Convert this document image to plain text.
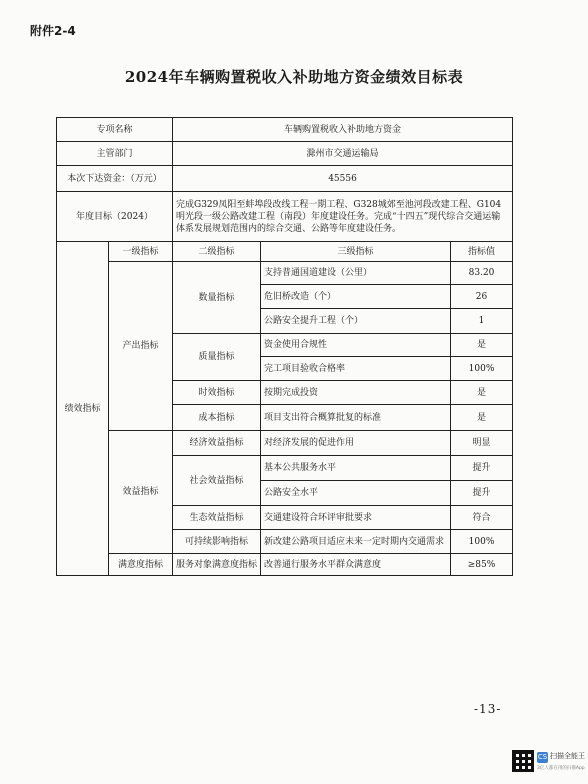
附件2-4
2024年车辆购置税收入补助地方资金绩效目标表
专项名称		车辆购置税收入补助地方资金		
主管部门		滁州市交通运输局		
本次下达资金：（万元）		45556		
年度目标（2024）		完成G329凤阳至蚌埠段改线工程一期工程、G328城郊至池河段改建工程、G104明光段一级公路改建工程（南段）年度建设任务。完成“十四五”现代综合交通运输体系发展规划范围内的综合交通、公路等年度建设任务。		
绩效指标	一级指标	二级指标	三级指标	指标值
	产出指标	数量指标	支持普通国道建设（公里）	83.20
			危旧桥改造（个）	26
			公路安全提升工程（个）	1
		质量指标	资金使用合规性	是
			完工项目验收合格率	100%
		时效指标	按期完成投资	是
		成本指标	项目支出符合概算批复的标准	是
	效益指标	经济效益指标	对经济发展的促进作用	明显
		社会效益指标	基本公共服务水平	提升
			公路安全水平	提升
		生态效益指标	交通建设符合环评审批要求	符合
		可持续影响指标	新改建公路项目适应未来一定时期内交通需求	100%
	满意度指标	服务对象满意度指标	改善通行服务水平群众满意度	≥85%
-13-
CS 扫描全能王
3亿人都在用的扫描App
